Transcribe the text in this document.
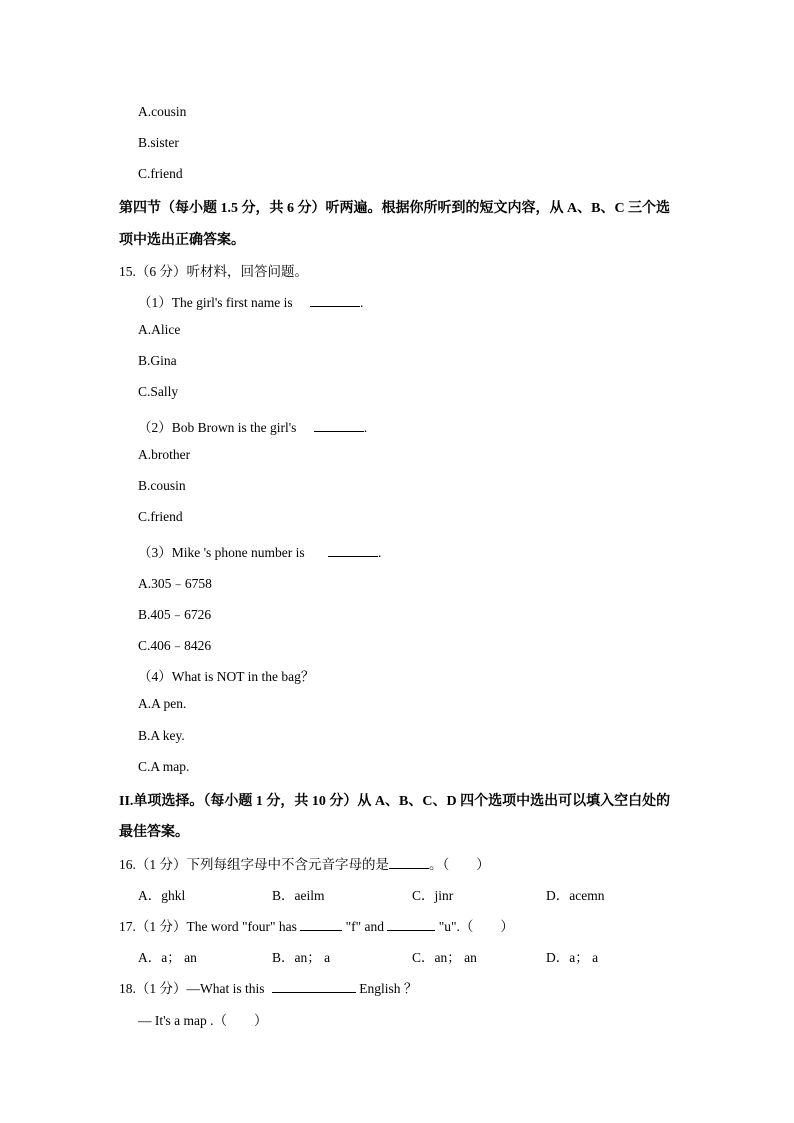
A.cousin
B.sister
C.friend
第四节（每小题 1.5 分，共 6 分）听两遍。根据你所听到的短文内容，从 A、B、C 三个选
项中选出正确答案。
15.（6 分）听材料，回答问题。
（1）The girl's first name is	.
A.Alice
B.Gina
C.Sally
（2）Bob Brown is the girl's	.
A.brother
B.cousin
C.friend
（3）Mike 's phone number is	.
A.305﹣6758
B.405﹣6726
C.406﹣8426
（4）What is NOT in the bag？
A.A pen.
B.A key.
C.A map.
II.单项选择。（每小题 1 分，共 10 分）从 A、B、C、D 四个选项中选出可以填入空白处的
最佳答案。
16.（1 分）下列每组字母中不含元音字母的是	。（　　）
A．ghkl	B．aeilm	C．jinr	D．acemn
17.（1 分）The word "four" has	"f" and	"u".（　　）
A．a； an	B．an； a	C．an； an	D．a； a
18.（1 分）—What is this	English ？
— It's a map .（　　）
